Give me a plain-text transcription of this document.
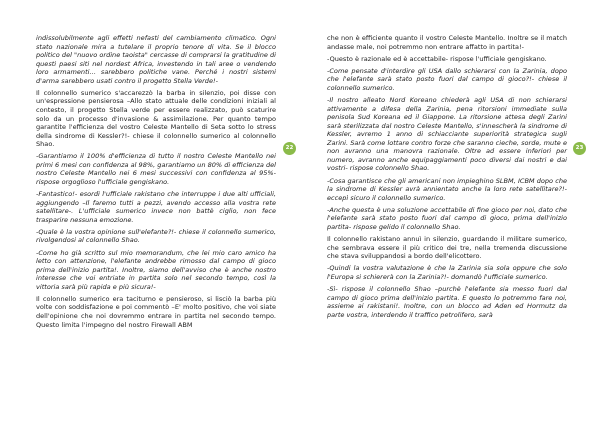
indissolubilmente agli effetti nefasti del cambiamento climatico. Ogni stato nazionale mira a tutelare il proprio tenore di vita. Se il blocco politico del "nuovo ordine taoista" cercasse di comprarsi la gratitudine di questi paesi siti nel nordest Africa, investendo in tali aree o vendendo loro armamenti… sarebbero politiche vane. Perché i nostri sistemi d'arma sarebbero usati contro il progetto Stella Verde!-

Il colonnello sumerico s'accarezzò la barba in silenzio, poi disse con un'espressione pensierosa –Allo stato attuale delle condizioni iniziali al contesto, il progetto Stella verde per essere realizzato, può scaturire solo da un processo d'invasione & assimilazione. Per quanto tempo garantite l'efficienza del vostro Celeste Mantello di Seta sotto lo stress della sindrome di Kessler?!- chiese il colonnello sumerico al colonnello Shao.

-Garantiamo il 100% d'efficienza di tutto il nostro Celeste Mantello nei primi 6 mesi con confidenza al 98%, garantiamo un 80% di efficienza del nostro Celeste Mantello nei 6 mesi successivi con confidenza al 95%- rispose orgoglioso l'ufficiale gengiskano.

-Fantastico!- esordì l'ufficiale rakistano che interruppe i due alti ufficiali, aggiungendo –Il faremo tutti a pezzi, avendo accesso alla vostra rete satellitare-. L'ufficiale sumerico invece non battè ciglio, non fece trasparire nessuna emozione.

-Quale è la vostra opinione sull'elefante?!- chiese il colonnello sumerico, rivolgendosi al colonnello Shao.

-Come ho già scritto sul mio memorandum, che lei mio caro amico ha letto con attenzione, l'elefante andrebbe rimosso dal campo di gioco prima dell'inizio partita!. Inoltre, siamo dell'avviso che è anche nostro interesse che voi entriate in partita solo nel secondo tempo, così la vittoria sarà più rapida e più sicura!-

Il colonnello sumerico era taciturno e pensieroso, si lisciò la barba più volte con soddisfazione e poi commentò –E' molto positivo, che voi siate dell'opinione che noi dovremmo entrare in partita nel secondo tempo. Questo limita l'impegno del nostro Firewall ABM

22

che non è efficiente quanto il vostro Celeste Mantello. Inoltre se il match andasse male, noi potremmo non entrare affatto in partita!-

-Questo è razionale ed è accettabile- rispose l'ufficiale gengiskano.

-Come pensate d'interdire gli USA dallo schierarsi con la Zarinia, dopo che l'elefante sarà stato posto fuori dal campo di gioco?!- chiese il colonnello sumerico.

-Il nostro alleato Nord Koreano chiederà agli USA di non schierarsi attivamente a difesa della Zarinia, pena ritorsioni immediate sulla penisola Sud Koreana ed il Giappone. La ritorsione attesa degli Zarini sarà sterilizzata dal nostro Celeste Mantello, s'innescherà la sindrome di Kessler, avremo 1 anno di schiacciante superiorità strategica sugli Zarini. Sarà come lottare contro forze che saranno cieche, sorde, mute e non avranno una manovra razionale. Oltre ad essere inferiori per numero, avranno anche equipaggiamenti poco diversi dai nostri e dai vostri- rispose colonnello Shao.

-Cosa garantisce che gli americani non impieghino SLBM, ICBM dopo che la sindrome di Kessler avrà annientato anche la loro rete satellitare?!- eccepì sicuro il colonnello sumerico.

-Anche questa è una soluzione accettabile di fine gioco per noi, dato che l'elefante sarà stato posto fuori dal campo di gioco, prima dell'inizio partita- rispose gelido il colonnello Shao.

Il colonnello rakistano annuì in silenzio, guardando il militare sumerico, che sembrava essere il più critico dei tre, nella tremenda discussione che stava sviluppandosi a bordo dell'elicottero.

-Quindi la vostra valutazione è che la Zarinia sia sola oppure che solo l'Europa si schiererà con la Zarinia?!- domandò l'ufficiale sumerico.

-Sì- rispose il colonnello Shao –purchè l'elefante sia messo fuori dal campo di gioco prima dell'inizio partita. E questo lo potremmo fare noi, assieme ai rakistani!. Inoltre, con un blocco ad Aden ed Hormutz da parte vostra, interdendo il traffico petrolifero, sarà

23
